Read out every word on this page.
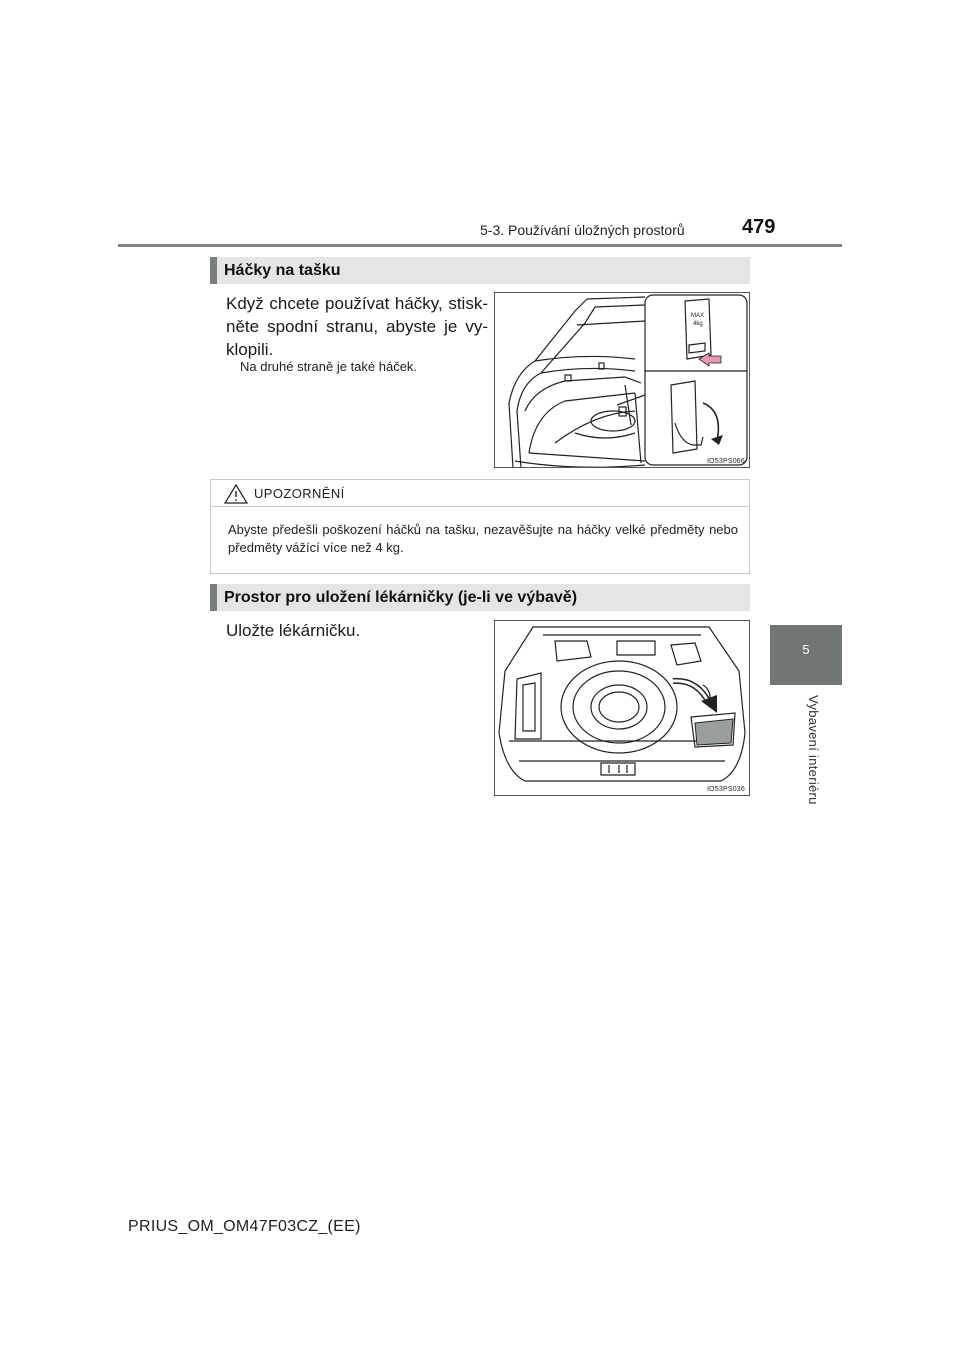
5-3. Používání úložných prostorů	479
5
Vybavení interiéru
Háčky na tašku
Když chcete používat háčky, stisk-něte spodní stranu, abyste je vy-klopili.
Na druhé straně je také háček.
MAX
4kg
IO53PS066
UPOZORNĚNÍ
Abyste předešli poškození háčků na tašku, nezavěšujte na háčky velké předměty nebo předměty vážící více než 4 kg.
Prostor pro uložení lékárničky (je-li ve výbavě)
Uložte lékárničku.
IO53PS036
PRIUS_OM_OM47F03CZ_(EE)
